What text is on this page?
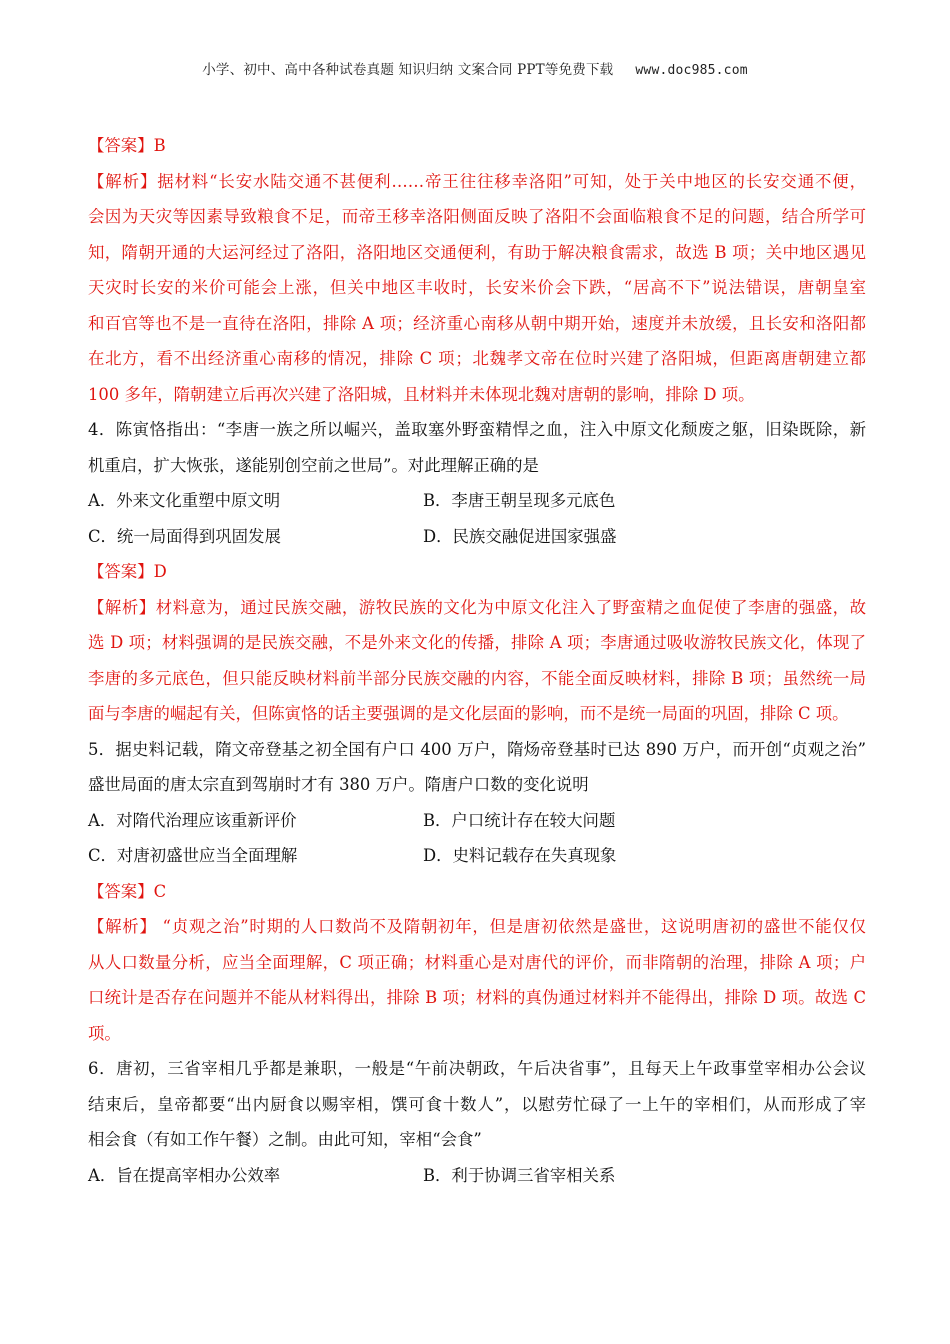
小学、初中、高中各种试卷真题 知识归纳 文案合同 PPT等免费下载 www.doc985.com
【答案】B
【解析】据材料“长安水陆交通不甚便利……帝王往往移幸洛阳”可知，处于关中地区的长安交通不便，
会因为天灾等因素导致粮食不足，而帝王移幸洛阳侧面反映了洛阳不会面临粮食不足的问题，结合所学可
知，隋朝开通的大运河经过了洛阳，洛阳地区交通便利，有助于解决粮食需求，故选 B 项；关中地区遇见
天灾时长安的米价可能会上涨，但关中地区丰收时，长安米价会下跌，“居高不下”说法错误，唐朝皇室
和百官等也不是一直待在洛阳，排除 A 项；经济重心南移从朝中期开始，速度并未放缓，且长安和洛阳都
在北方，看不出经济重心南移的情况，排除 C 项；北魏孝文帝在位时兴建了洛阳城，但距离唐朝建立都
100 多年，隋朝建立后再次兴建了洛阳城，且材料并未体现北魏对唐朝的影响，排除 D 项。
4．陈寅恪指出：“李唐一族之所以崛兴，盖取塞外野蛮精悍之血，注入中原文化颓废之躯，旧染既除，新
机重启，扩大恢张，遂能别创空前之世局”。对此理解正确的是
A．外来文化重塑中原文明	B．李唐王朝呈现多元底色
C．统一局面得到巩固发展	D．民族交融促进国家强盛
【答案】D
【解析】材料意为，通过民族交融，游牧民族的文化为中原文化注入了野蛮精之血促使了李唐的强盛，故
选 D 项；材料强调的是民族交融，不是外来文化的传播，排除 A 项；李唐通过吸收游牧民族文化，体现了
李唐的多元底色，但只能反映材料前半部分民族交融的内容，不能全面反映材料，排除 B 项；虽然统一局
面与李唐的崛起有关，但陈寅恪的话主要强调的是文化层面的影响，而不是统一局面的巩固，排除 C 项。
5．据史料记载，隋文帝登基之初全国有户口 400 万户，隋炀帝登基时已达 890 万户，而开创“贞观之治”
盛世局面的唐太宗直到驾崩时才有 380 万户。隋唐户口数的变化说明
A．对隋代治理应该重新评价	B．户口统计存在较大问题
C．对唐初盛世应当全面理解	D．史料记载存在失真现象
【答案】C
【解析】 “贞观之治”时期的人口数尚不及隋朝初年，但是唐初依然是盛世，这说明唐初的盛世不能仅仅
从人口数量分析，应当全面理解，C 项正确；材料重心是对唐代的评价，而非隋朝的治理，排除 A 项；户
口统计是否存在问题并不能从材料得出，排除 B 项；材料的真伪通过材料并不能得出，排除 D 项。故选 C
项。
6．唐初，三省宰相几乎都是兼职，一般是“午前决朝政，午后决省事”，且每天上午政事堂宰相办公会议
结束后，皇帝都要“出内厨食以赐宰相，馔可食十数人”，以慰劳忙碌了一上午的宰相们，从而形成了宰
相会食（有如工作午餐）之制。由此可知，宰相“会食”
A．旨在提高宰相办公效率	B．利于协调三省宰相关系
